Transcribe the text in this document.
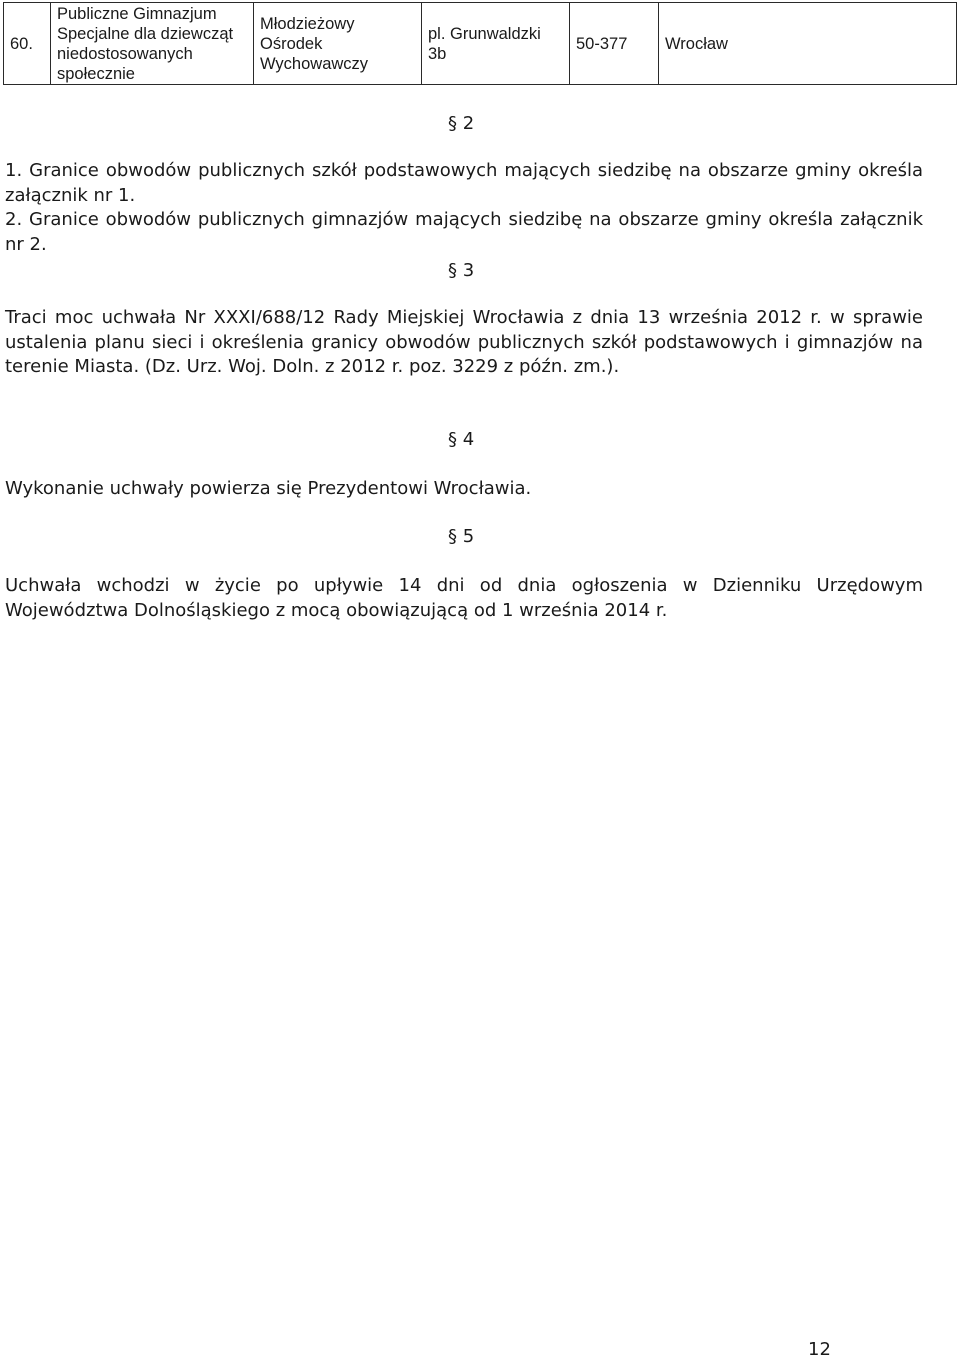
60.	Publiczne Gimnazjum Specjalne dla dziewcząt niedostosowanych społecznie	Młodzieżowy Ośrodek Wychowawczy	pl. Grunwaldzki 3b	50-377	Wrocław
§ 2
1. Granice obwodów publicznych szkół podstawowych mających siedzibę na obszarze gminy określa załącznik nr 1.
2. Granice obwodów publicznych gimnazjów mających siedzibę na obszarze gminy określa załącznik nr 2.
§ 3
Traci moc uchwała Nr XXXI/688/12 Rady Miejskiej Wrocławia z dnia 13 września 2012 r. w sprawie ustalenia planu sieci i określenia granicy obwodów publicznych szkół podstawowych i gimnazjów na terenie Miasta. (Dz. Urz. Woj. Doln. z 2012 r. poz. 3229 z późn. zm.).
§ 4
Wykonanie uchwały powierza się Prezydentowi Wrocławia.
§ 5
Uchwała wchodzi w życie po upływie 14 dni od dnia ogłoszenia w Dzienniku Urzędowym Województwa Dolnośląskiego z mocą obowiązującą od 1 września 2014 r.
12
